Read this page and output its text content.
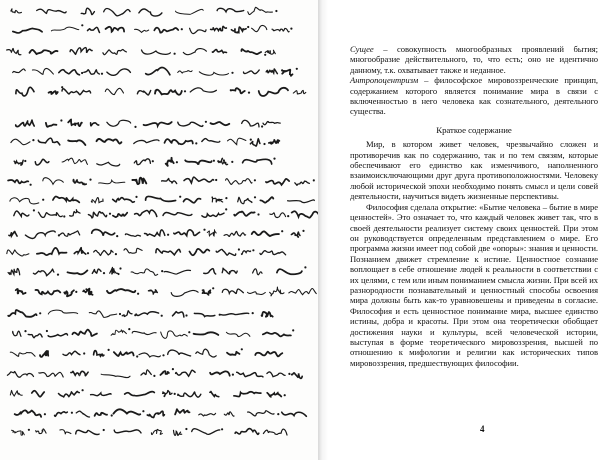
Сущее – совокупность многообразных проявлений бытия; многообразие действительного, то, что есть; оно не идентично данному, т.к. охватывает также и неданное.

Антропоцентризм – философское мировоззренческие принцип, содержанием которого является понимание мира в связи с включенностью в него человека как сознательного, деятельного существа.

Краткое содержание

Мир, в котором живет человек, чрезвычайно сложен и противоречив как по содержанию, так и по тем связям, которые обеспечивают его единство как изменчивого, наполненного взаимоисключающими друг друга противоположностями. Человеку любой исторической эпохи необходимо понять смысл и цели совей деятельности, научиться видеть жизненные перспективы.

Философия сделала открытие: «Бытие человека – бытие в мире ценностей». Это означает то, что каждый человек живет так, что в своей деятельности реализует систему своих ценностей. При этом он руководствуется определенным представлением о мире. Его программа жизни имеет под собой две «опоры»: знания и ценности. Познанием движет стремление к истине. Ценностное сознание воплощает в себе отношение людей к реальности в соответствии с их целями, с тем или иным пониманием смысла жизни. При всей их разнородности познавательный и ценностный способы освоения мира должны быть как-то уравновешены и приведены в согласие. Философия и есть ценностное понимание мира, высшее единство истины, добра и красоты. При этом она теоретически обобщает достижения науки и культуры, всей человеческой истории, выступая в форме теоретического мировоззрения, высшей по отношению к мифологии и религии как исторических типов мировоззрения, предшествующих философии.

4
